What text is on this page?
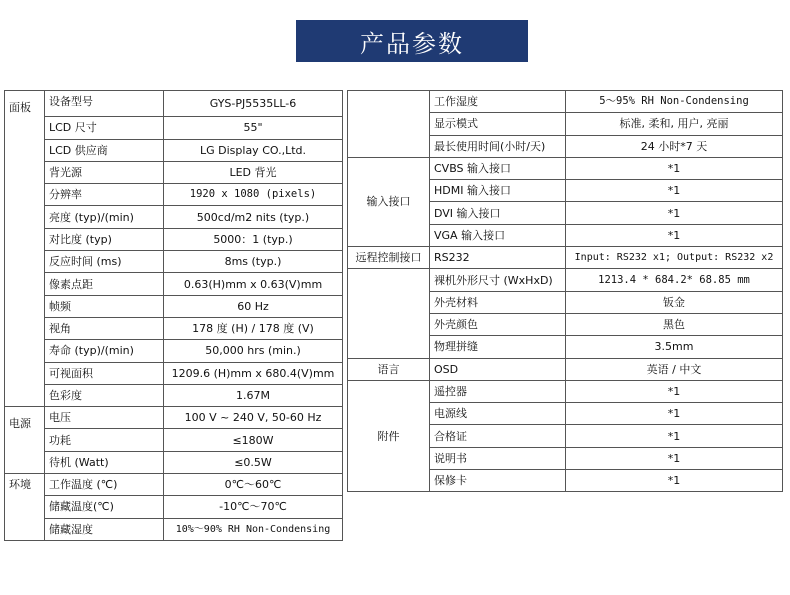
产品参数
面板	设备型号	GYS-PJ5535LL-6
	LCD 尺寸	55"
	LCD 供应商	LG Display CO.,Ltd.
	背光源	LED 背光
	分辨率	1920 x 1080 (pixels)
	亮度 (typ)/(min)	500cd/m2 nits (typ.)
	对比度 (typ)	5000：1 (typ.)
	反应时间 (ms)	8ms (typ.)
	像素点距	0.63(H)mm x 0.63(V)mm
	帧频	60 Hz
	视角	178 度 (H) / 178 度 (V)
	寿命 (typ)/(min)	50,000 hrs (min.)
	可视面积	1209.6 (H)mm x 680.4(V)mm
	色彩度	1.67M
电源	电压	100 V ~ 240 V, 50-60 Hz
	功耗	≤180W
	待机 (Watt)	≤0.5W
环境	工作温度 (℃)	0℃～60℃
	储藏温度(℃)	-10℃～70℃
	储藏湿度	10%～90% RH Non-Condensing
	工作湿度	5～95% RH Non-Condensing
	显示模式	标准, 柔和, 用户, 亮丽
	最长使用时间(小时/天)	24 小时*7 天
输入接口	CVBS 输入接口	*1
	HDMI 输入接口	*1
	DVI 输入接口	*1
	VGA 输入接口	*1
远程控制接口	RS232	Input: RS232 x1; Output: RS232 x2
	裸机外形尺寸 (WxHxD)	1213.4 * 684.2* 68.85 mm
	外壳材料	钣金
	外壳颜色	黑色
	物理拼缝	3.5mm
语言	OSD	英语 / 中文
附件	遥控器	*1
	电源线	*1
	合格证	*1
	说明书	*1
	保修卡	*1
